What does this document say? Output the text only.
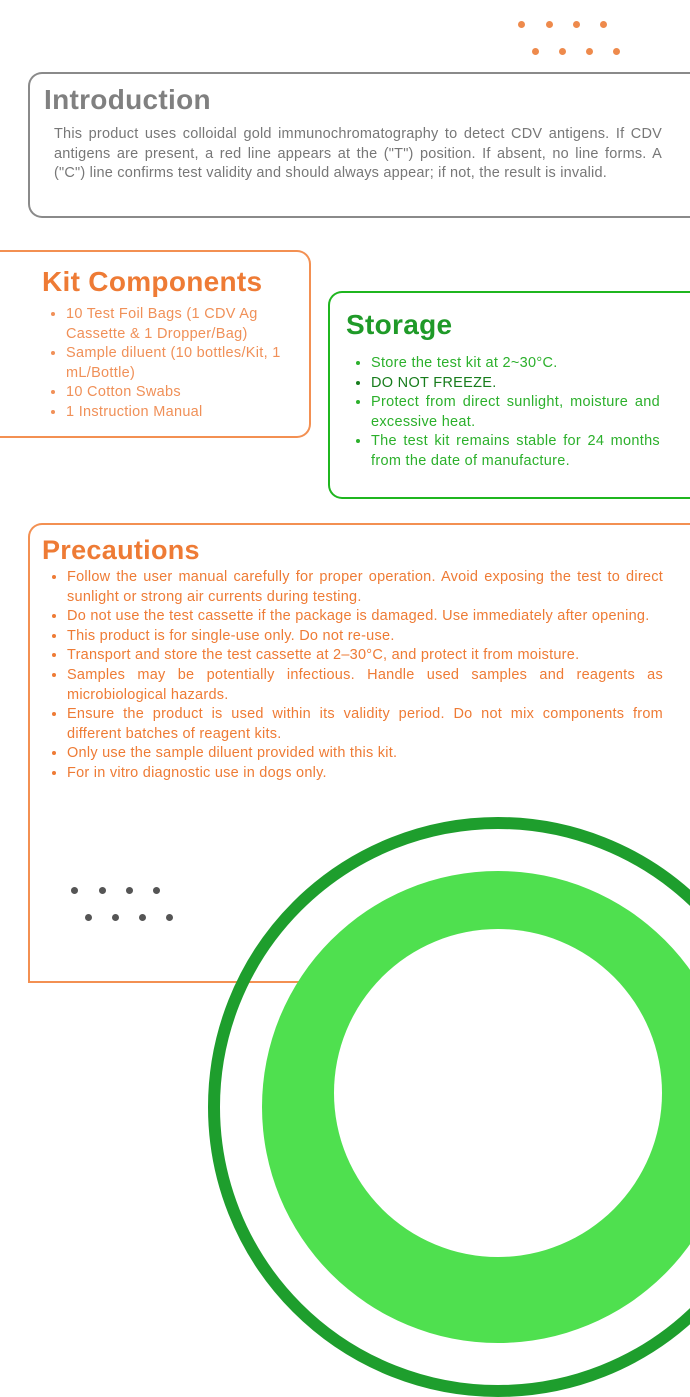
Introduction

This product uses colloidal gold immunochromatography to detect CDV antigens. If CDV antigens are present, a red line appears at the ("T") position. If absent, no line forms. A ("C") line confirms test validity and should always appear; if not, the result is invalid.

Kit Components
• 10 Test Foil Bags (1 CDV Ag Cassette & 1 Dropper/Bag)
• Sample diluent (10 bottles/Kit, 1 mL/Bottle)
• 10 Cotton Swabs
• 1 Instruction Manual
Storage
• Store the test kit at 2~30°C.
• DO NOT FREEZE.
• Protect from direct sunlight, moisture and excessive heat.
• The test kit remains stable for 24 months from the date of manufacture.
Precautions
• Follow the user manual carefully for proper operation. Avoid exposing the test to direct sunlight or strong air currents during testing.
• Do not use the test cassette if the package is damaged. Use immediately after opening.
• This product is for single-use only. Do not re-use.
• Transport and store the test cassette at 2–30°C, and protect it from moisture.
• Samples may be potentially infectious. Handle used samples and reagents as microbiological hazards.
• Ensure the product is used within its validity period. Do not mix components from different batches of reagent kits.
• Only use the sample diluent provided with this kit.
• For in vitro diagnostic use in dogs only.
